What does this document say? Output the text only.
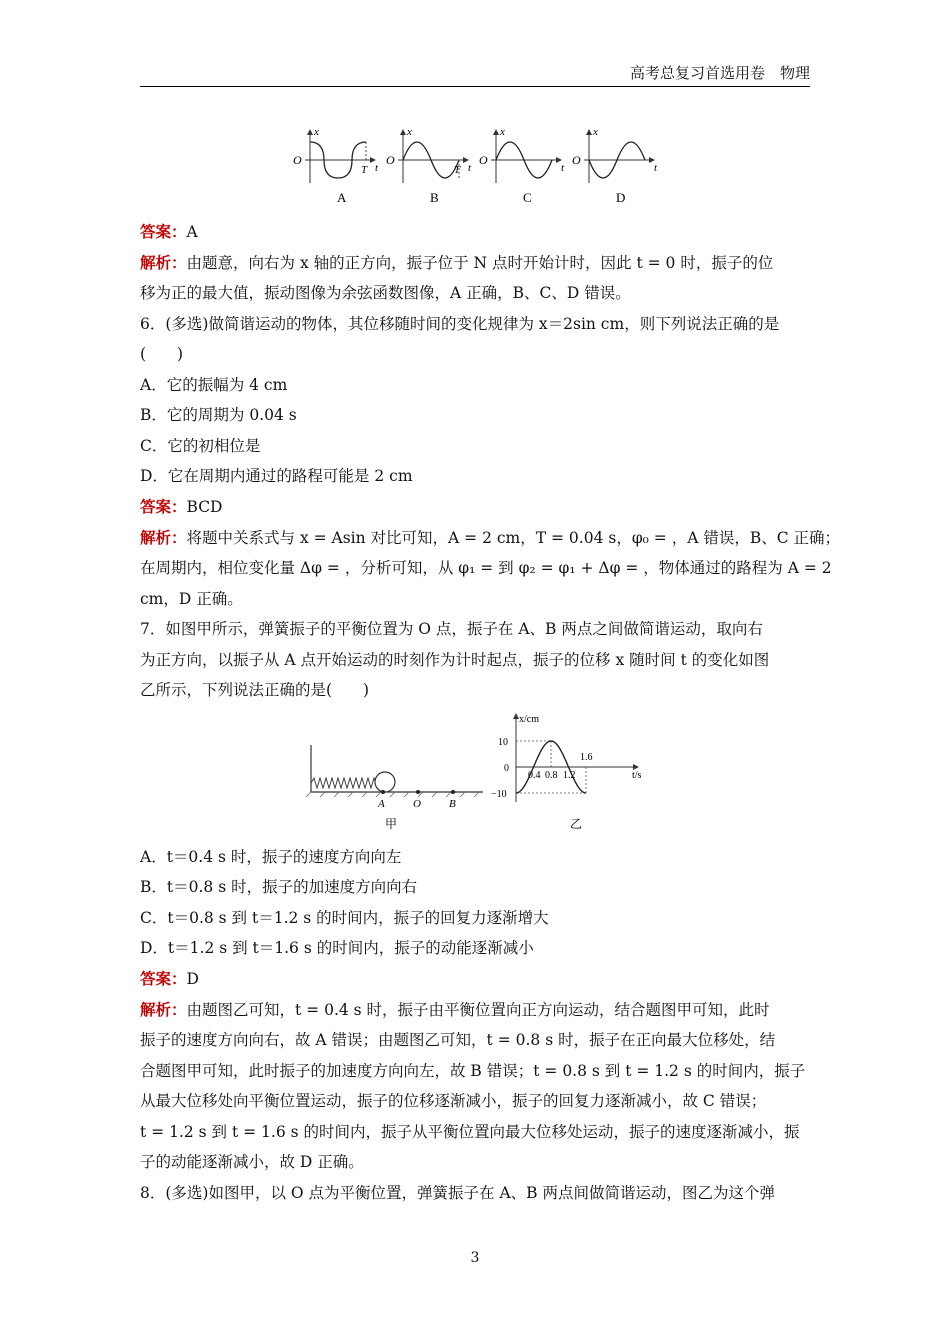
高考总复习首选用卷　物理
O
x
T t
A
O
x
T t
B
O
x
t
C
O
x
t
D
答案：A
解析：由题意，向右为 x 轴的正方向，振子位于 N 点时开始计时，因此 t = 0 时，振子的位
移为正的最大值，振动图像为余弦函数图像，A 正确，B、C、D 错误。
6．(多选)做简谐运动的物体，其位移随时间的变化规律为 x＝2sin cm，则下列说法正确的是
(　　)
A．它的振幅为 4 cm
B．它的周期为 0.04 s
C．它的初相位是
D．它在周期内通过的路程可能是 2 cm
答案：BCD
解析：将题中关系式与 x = Asin 对比可知，A = 2 cm，T = 0.04 s，φ₀ = ，A 错误，B、C 正确；
在周期内，相位变化量 Δφ = ，分析可知，从 φ₁ = 到 φ₂ = φ₁ + Δφ = ，物体通过的路程为 A = 2
cm，D 正确。
7．如图甲所示，弹簧振子的平衡位置为 O 点，振子在 A、B 两点之间做简谐运动，取向右
为正方向，以振子从 A 点开始运动的时刻作为计时起点，振子的位移 x 随时间 t 的变化如图
乙所示，下列说法正确的是(　　)
A	O	B
甲
x/cm
t/s
10
0
−10
0.4 0.8 1.2
1.6
乙
A．t＝0.4 s 时，振子的速度方向向左
B．t＝0.8 s 时，振子的加速度方向向右
C．t＝0.8 s 到 t＝1.2 s 的时间内，振子的回复力逐渐增大
D．t＝1.2 s 到 t＝1.6 s 的时间内，振子的动能逐渐减小
答案：D
解析：由题图乙可知，t = 0.4 s 时，振子由平衡位置向正方向运动，结合题图甲可知，此时
振子的速度方向向右，故 A 错误；由题图乙可知，t = 0.8 s 时，振子在正向最大位移处，结
合题图甲可知，此时振子的加速度方向向左，故 B 错误；t = 0.8 s 到 t = 1.2 s 的时间内，振子
从最大位移处向平衡位置运动，振子的位移逐渐减小，振子的回复力逐渐减小，故 C 错误；
t = 1.2 s 到 t = 1.6 s 的时间内，振子从平衡位置向最大位移处运动，振子的速度逐渐减小，振
子的动能逐渐减小，故 D 正确。
8．(多选)如图甲，以 O 点为平衡位置，弹簧振子在 A、B 两点间做简谐运动，图乙为这个弹
3
